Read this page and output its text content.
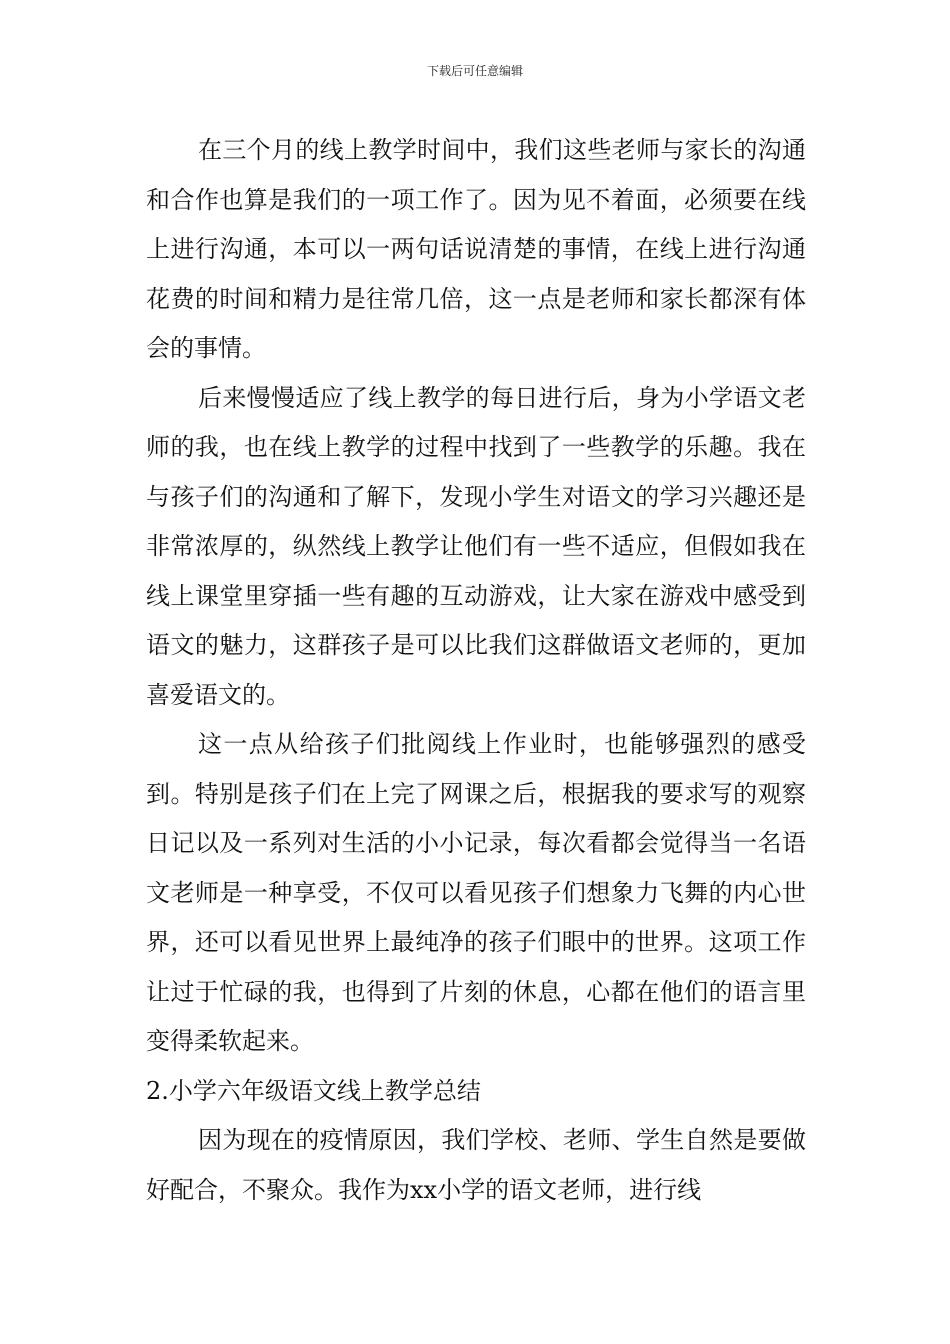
下载后可任意编辑

在三个月的线上教学时间中，我们这些老师与家长的沟通和合作也算是我们的一项工作了。因为见不着面，必须要在线上进行沟通，本可以一两句话说清楚的事情，在线上进行沟通花费的时间和精力是往常几倍，这一点是老师和家长都深有体会的事情。

后来慢慢适应了线上教学的每日进行后，身为小学语文老师的我，也在线上教学的过程中找到了一些教学的乐趣。我在与孩子们的沟通和了解下，发现小学生对语文的学习兴趣还是非常浓厚的，纵然线上教学让他们有一些不适应，但假如我在线上课堂里穿插一些有趣的互动游戏，让大家在游戏中感受到语文的魅力，这群孩子是可以比我们这群做语文老师的，更加喜爱语文的。

这一点从给孩子们批阅线上作业时，也能够强烈的感受到。特别是孩子们在上完了网课之后，根据我的要求写的观察日记以及一系列对生活的小小记录，每次看都会觉得当一名语文老师是一种享受，不仅可以看见孩子们想象力飞舞的内心世界，还可以看见世界上最纯净的孩子们眼中的世界。这项工作让过于忙碌的我，也得到了片刻的休息，心都在他们的语言里变得柔软起来。

2.小学六年级语文线上教学总结

因为现在的疫情原因，我们学校、老师、学生自然是要做好配合，不聚众。我作为xx小学的语文老师，进行线
